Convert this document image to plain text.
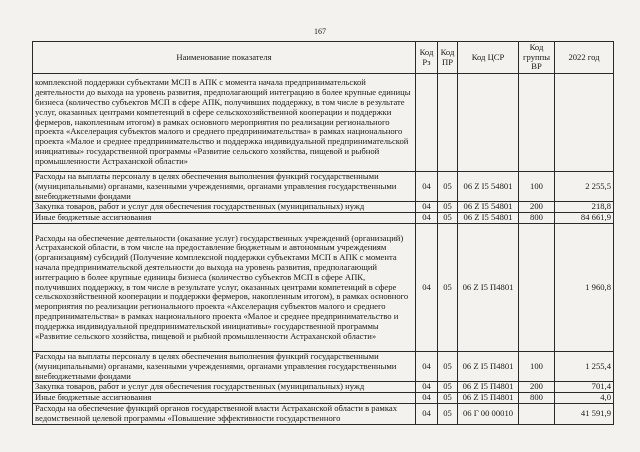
167
Наименование показателя	Код Рз	Код ПР	Код ЦСР	Код группы ВР	2022 год
комплексной поддержки субъектами МСП в АПК с момента начала предпринимательской деятельности до выхода на уровень развития, предполагающий интеграцию в более крупные единицы бизнеса (количество субъектов МСП в сфере АПК, получивших поддержку, в том числе в результате услуг, оказанных центрами компетенций в сфере сельскохозяйственной кооперации и поддержки фермеров, накопленным итогом) в рамках основного мероприятия по реализации регионального проекта «Акселерация субъектов малого и среднего предпринимательства» в рамках национального проекта «Малое и среднее предпринимательство и поддержка индивидуальной предпринимательской инициативы» государственной программы «Развитие сельского хозяйства, пищевой и рыбной промышленности Астраханской области»					
Расходы на выплаты персоналу в целях обеспечения выполнения функций государственными (муниципальными) органами, казенными учреждениями, органами управления государственными внебюджетными фондами	04	05	06 Z I5 54801	100	2 255,5
Закупка товаров, работ и услуг для обеспечения государственных (муниципальных) нужд	04	05	06 Z I5 54801	200	218,8
Иные бюджетные ассигнования	04	05	06 Z I5 54801	800	84 661,9
Расходы на обеспечение деятельности (оказание услуг) государственных учреждений (организаций) Астраханской области, в том числе на предоставление бюджетным и автономным учреждениям (организациям) субсидий (Получение комплексной поддержки субъектами МСП в АПК с момента начала предпринимательской деятельности до выхода на уровень развития, предполагающий интеграцию в более крупные единицы бизнеса (количество субъектов МСП в сфере АПК, получивших поддержку, в том числе в результате услуг, оказанных центрами компетенций в сфере сельскохозяйственной кооперации и поддержки фермеров, накопленным итогом), в рамках основного мероприятия по реализации регионального проекта «Акселерация субъектов малого и среднего предпринимательства» в рамках национального проекта «Малое и среднее предпринимательство и поддержка индивидуальной предпринимательской инициативы» государственной программы «Развитие сельского хозяйства, пищевой и рыбной промышленности Астраханской области»	04	05	06 Z I5 П4801		1 960,8
Расходы на выплаты персоналу в целях обеспечения выполнения функций государственными (муниципальными) органами, казенными учреждениями, органами управления государственными внебюджетными фондами	04	05	06 Z I5 П4801	100	1 255,4
Закупка товаров, работ и услуг для обеспечения государственных (муниципальных) нужд	04	05	06 Z I5 П4801	200	701,4
Иные бюджетные ассигнования	04	05	06 Z I5 П4801	800	4,0
Расходы на обеспечение функций органов государственной власти Астраханской области в рамках ведомственной целевой программы «Повышение эффективности государственного	04	05	06 Г 00 00010		41 591,9
